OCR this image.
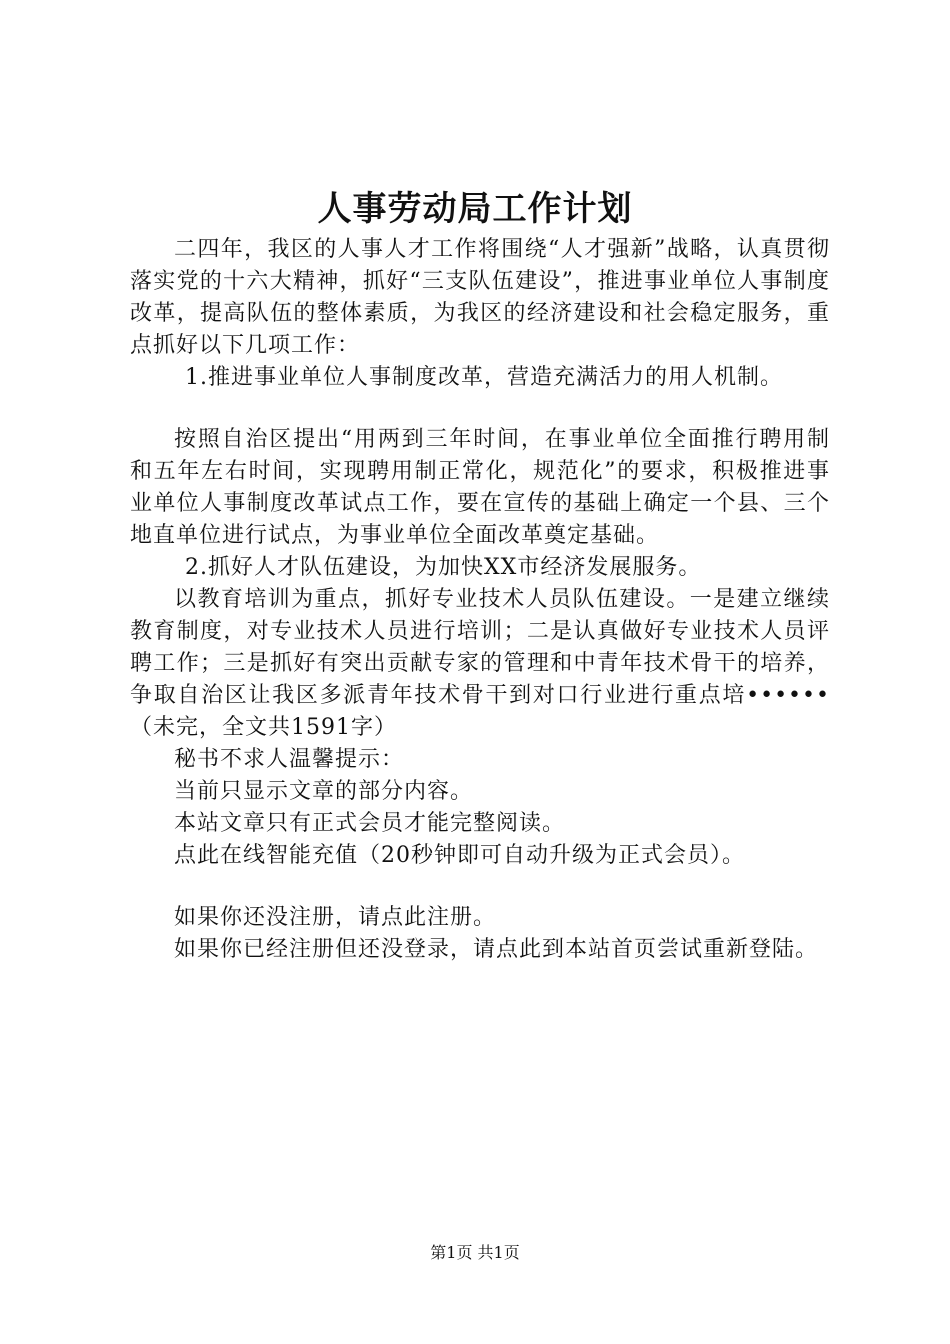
人事劳动局工作计划

二四年，我区的人事人才工作将围绕“人才强新”战略，认真贯彻落实党的十六大精神，抓好“三支队伍建设”，推进事业单位人事制度改革，提高队伍的整体素质，为我区的经济建设和社会稳定服务，重点抓好以下几项工作：

1.推进事业单位人事制度改革，营造充满活力的用人机制。

按照自治区提出“用两到三年时间，在事业单位全面推行聘用制和五年左右时间，实现聘用制正常化，规范化”的要求，积极推进事业单位人事制度改革试点工作，要在宣传的基础上确定一个县、三个地直单位进行试点，为事业单位全面改革奠定基础。

2.抓好人才队伍建设，为加快XX市经济发展服务。

以教育培训为重点，抓好专业技术人员队伍建设。一是建立继续教育制度，对专业技术人员进行培训；二是认真做好专业技术人员评聘工作；三是抓好有突出贡献专家的管理和中青年技术骨干的培养，争取自治区让我区多派青年技术骨干到对口行业进行重点培••••••（未完，全文共1591字）

秘书不求人温馨提示：

当前只显示文章的部分内容。

本站文章只有正式会员才能完整阅读。

点此在线智能充值（20秒钟即可自动升级为正式会员）。

如果你还没注册，请点此注册。

如果你已经注册但还没登录，请点此到本站首页尝试重新登陆。

第1页 共1页
